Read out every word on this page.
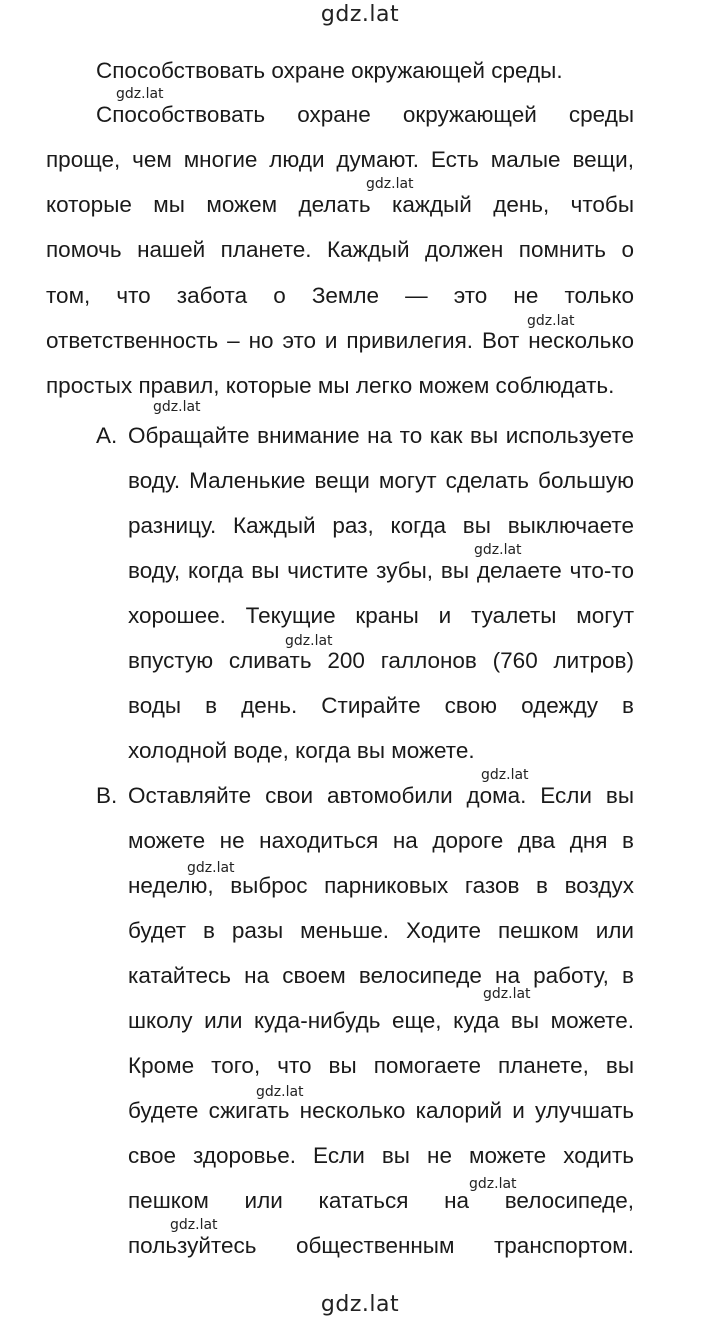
gdz.lat
gdz.lat
gdz.lat
gdz.lat
gdz.lat
gdz.lat
gdz.lat
gdz.lat
gdz.lat
gdz.lat
gdz.lat
gdz.lat
gdz.lat
gdz.lat
Способствовать охране окружающей среды.
Способствовать охране окружающей среды
проще, чем многие люди думают. Есть малые вещи,
которые мы можем делать каждый день, чтобы
помочь нашей планете. Каждый должен помнить о
том, что забота о Земле — это не только
ответственность – но это и привилегия. Вот несколько
простых правил, которые мы легко можем соблюдать.
A. Обращайте внимание на то как вы используете
воду. Маленькие вещи могут сделать большую
разницу. Каждый раз, когда вы выключаете
воду, когда вы чистите зубы, вы делаете что-то
хорошее. Текущие краны и туалеты могут
впустую сливать 200 галлонов (760 литров)
воды в день. Стирайте свою одежду в
холодной воде, когда вы можете.
B. Оставляйте свои автомобили дома. Если вы
можете не находиться на дороге два дня в
неделю, выброс парниковых газов в воздух
будет в разы меньше. Ходите пешком или
катайтесь на своем велосипеде на работу, в
школу или куда-нибудь еще, куда вы можете.
Кроме того, что вы помогаете планете, вы
будете сжигать несколько калорий и улучшать
свое здоровье. Если вы не можете ходить
пешком или кататься на велосипеде,
пользуйтесь общественным транспортом.
